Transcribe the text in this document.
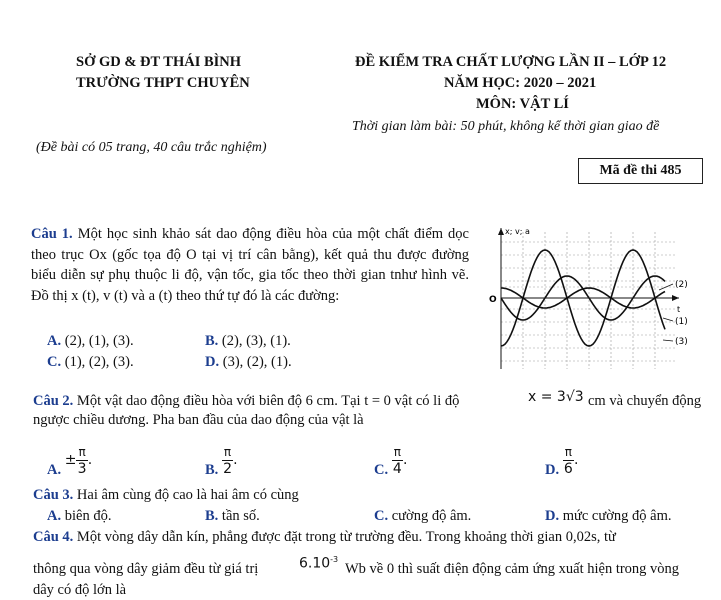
SỞ GD & ĐT THÁI BÌNH
TRƯỜNG THPT CHUYÊN
ĐỀ KIỂM TRA CHẤT LƯỢNG LẦN II – LỚP 12
NĂM HỌC: 2020 – 2021
MÔN: VẬT LÍ
Thời gian làm bài: 50 phút, không kể thời gian giao đề
(Đề bài có 05 trang, 40 câu trắc nghiệm)
Mã đề thi 485
Câu 1. Một học sinh khảo sát dao động điều hòa của một chất điểm dọc theo trục Ox (gốc tọa độ O tại vị trí cân bằng), kết quả thu được đường biểu diễn sự phụ thuộc li độ, vận tốc, gia tốc theo thời gian tnhư hình vẽ. Đồ thị x (t), v (t) và a (t) theo thứ tự đó là các đường:
A. (2), (1), (3).	B. (2), (3), (1).
C. (1), (2), (3).	D. (3), (2), (1).
x; v; a
O
t
(2)
(1)
(3)
Câu 2. Một vật dao động điều hòa với biên độ 6 cm. Tại t = 0 vật có li độ	x = 3√3 cm và chuyển động
ngược chiều dương. Pha ban đầu của dao động của vật là
A. ± $\frac{\pi}{3}$ .
B. $\frac{\pi}{2}$ .
C. $\frac{\pi}{4}$ .
D. $\frac{\pi}{6}$ .
Câu 3. Hai âm cùng độ cao là hai âm có cùng
A. biên độ.	B. tần số.	C. cường độ âm.	D. mức cường độ âm.
Câu 4. Một vòng dây dẫn kín, phẳng được đặt trong từ trường đều. Trong khoảng thời gian 0,02s, từ
thông qua vòng dây giảm đều từ giá trị	$6.10^{-3}$
Wb về 0 thì suất điện động cảm ứng xuất hiện trong vòng
dây có độ lớn là
